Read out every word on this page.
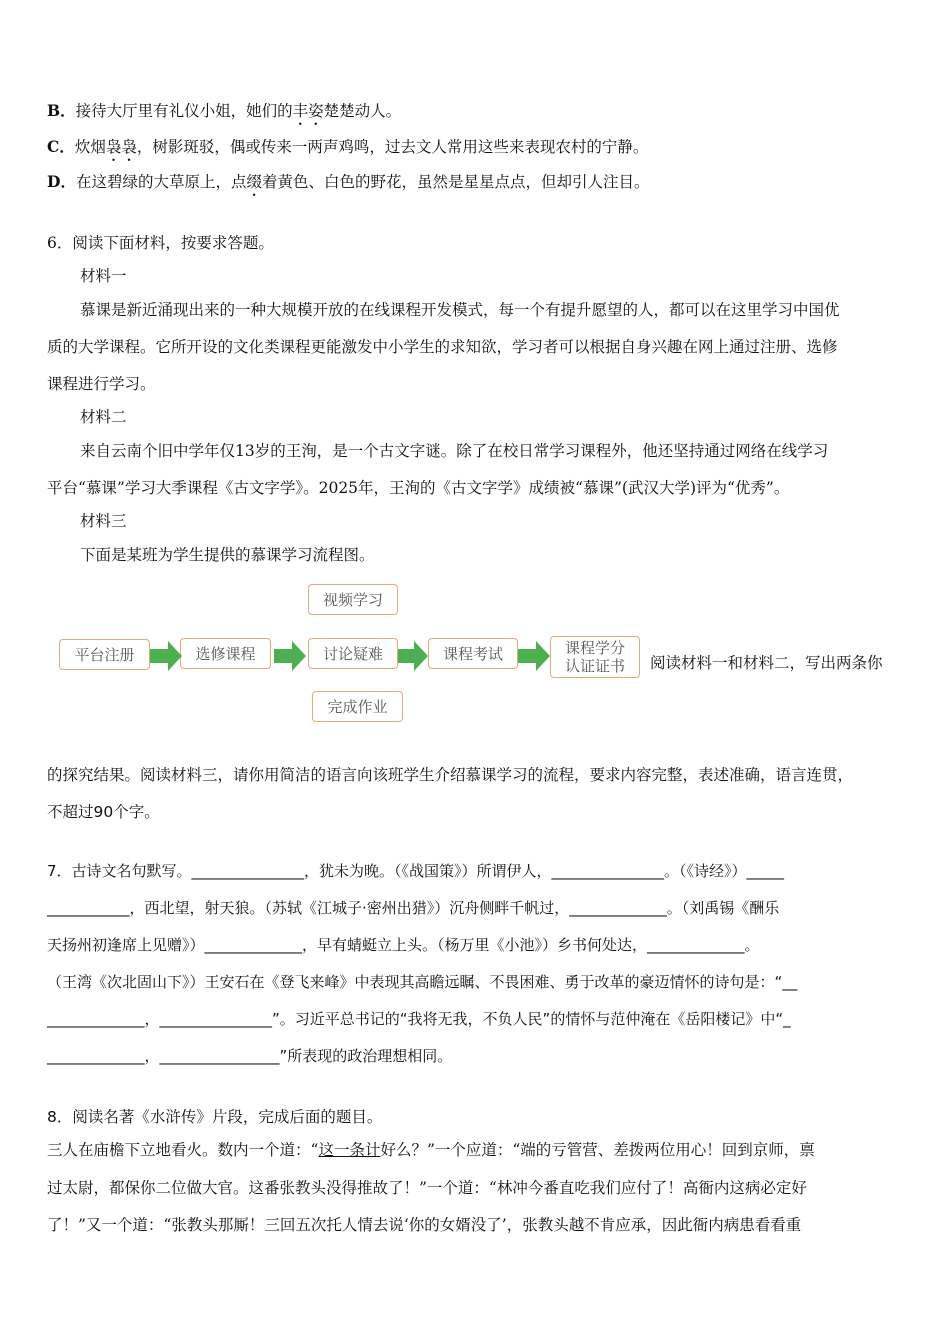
B．接待大厅里有礼仪小姐，她们的丰姿楚楚动人。
C．炊烟袅袅，树影斑驳，偶或传来一两声鸡鸣，过去文人常用这些来表现农村的宁静。
D．在这碧绿的大草原上，点缀着黄色、白色的野花，虽然是星星点点，但却引人注目。
6．阅读下面材料，按要求答题。
材料一
慕课是新近涌现出来的一种大规模开放的在线课程开发模式，每一个有提升愿望的人，都可以在这里学习中国优
质的大学课程。它所开设的文化类课程更能激发中小学生的求知欲，学习者可以根据自身兴趣在网上通过注册、选修
课程进行学习。
材料二
来自云南个旧中学年仅13岁的王洵，是一个古文字谜。除了在校日常学习课程外，他还坚持通过网络在线学习
平台“慕课”学习大季课程《古文字学》。2025年，王洵的《古文字学》成绩被“慕课”(武汉大学)评为“优秀”。
材料三
下面是某班为学生提供的慕课学习流程图。
视频学习
平台注册	选修课程	讨论疑难	课程考试	课程学分
认证证书
完成作业
阅读材料一和材料二，写出两条你
的探究结果。阅读材料三，请你用简洁的语言向该班学生介绍慕课学习的流程，要求内容完整，表述准确，语言连贯，
不超过90个字。
7．古诗文名句默写。_______________，犹未为晚。（《战国策》）所谓伊人，_______________。（《诗经》）_____
___________，西北望，射天狼。（苏轼《江城子·密州出猎》）沉舟侧畔千帆过，_____________。（刘禹锡《酬乐
天扬州初逢席上见赠》）_____________，早有蜻蜓立上头。（杨万里《小池》）乡书何处达，_____________。
（王湾《次北固山下》）王安石在《登飞来峰》中表现其高瞻远瞩、不畏困难、勇于改革的豪迈情怀的诗句是：“__
_____________，_______________”。习近平总书记的“我将无我，不负人民”的情怀与范仲淹在《岳阳楼记》中“_
_____________，________________”所表现的政治理想相同。
8．阅读名著《水浒传》片段，完成后面的题目。
三人在庙檐下立地看火。数内一个道：“这一条计好么？”一个应道：“端的亏管营、差拨两位用心！回到京师，禀
过太尉，都保你二位做大官。这番张教头没得推故了！”一个道：“林冲今番直吃我们应付了！高衙内这病必定好
了！”又一个道：“张教头那厮！三回五次托人情去说‘你的女婿没了’，张教头越不肯应承，因此衙内病患看看重
